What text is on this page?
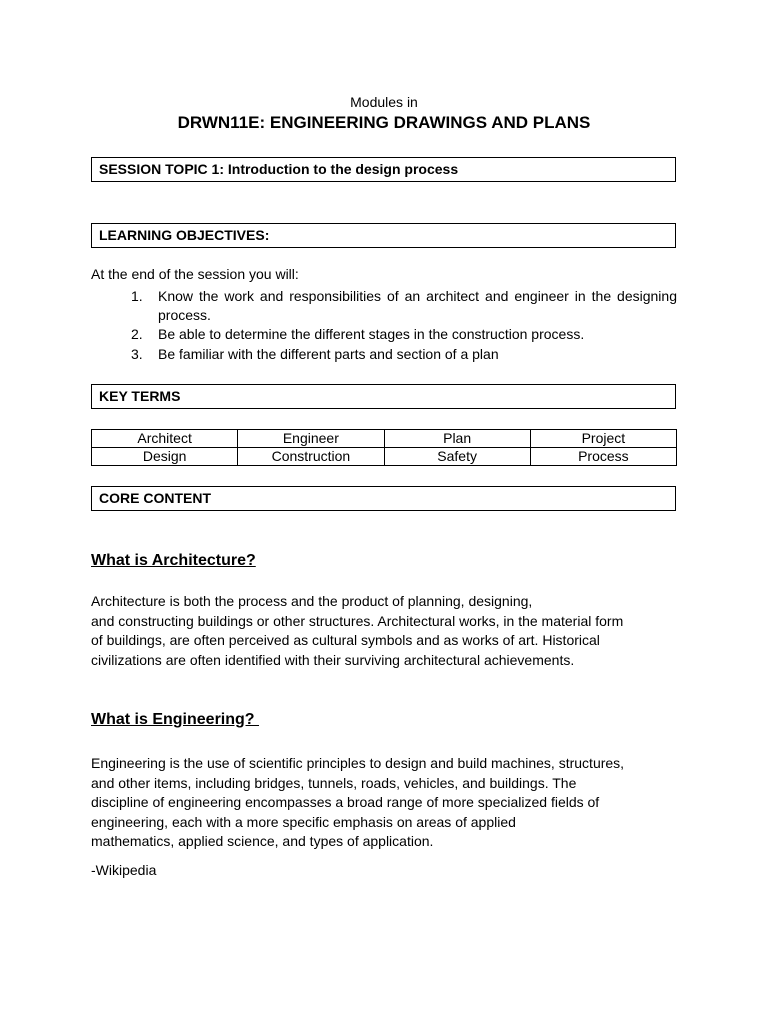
Modules in
DRWN11E: ENGINEERING DRAWINGS AND PLANS
SESSION TOPIC 1: Introduction to the design process
LEARNING OBJECTIVES:
At the end of the session you will:
1. Know the work and responsibilities of an architect and engineer in the designing process.
2. Be able to determine the different stages in the construction process.
3. Be familiar with the different parts and section of a plan
KEY TERMS
Architect	Engineer	Plan	Project
Design	Construction	Safety	Process
CORE CONTENT
What is Architecture?
Architecture is both the process and the product of planning, designing,
and constructing buildings or other structures. Architectural works, in the material form
of buildings, are often perceived as cultural symbols and as works of art. Historical
civilizations are often identified with their surviving architectural achievements.
What is Engineering?
Engineering is the use of scientific principles to design and build machines, structures,
and other items, including bridges, tunnels, roads, vehicles, and buildings. The
discipline of engineering encompasses a broad range of more specialized fields of
engineering, each with a more specific emphasis on areas of applied
mathematics, applied science, and types of application.
-Wikipedia
